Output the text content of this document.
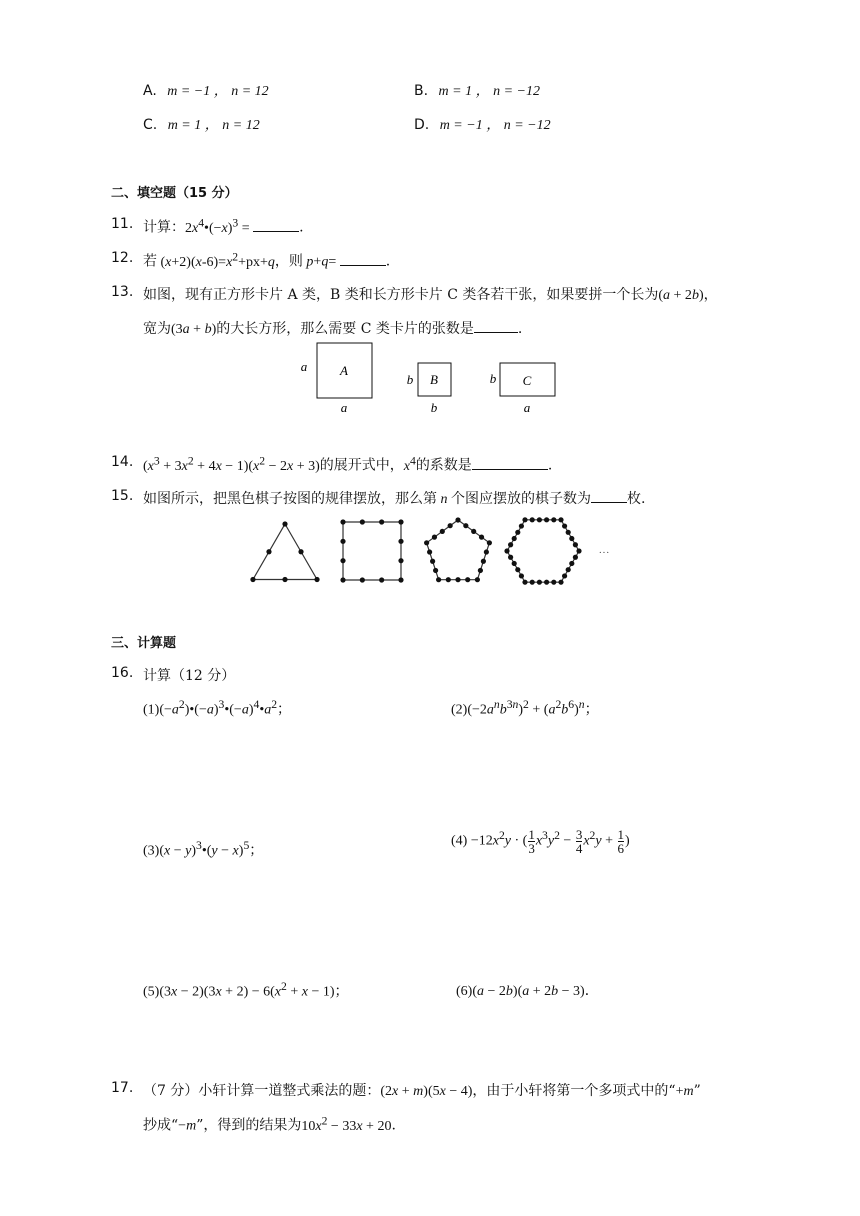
A. m = −1 ， n = 12	B. m = 1 ， n = −12
C. m = 1 ， n = 12	D. m = −1 ， n = −12
二、填空题（15 分）
11. 计算：$2x^4•(-x)^3$ =	.
12. 若 $(x+2)(x-6)=x^2+px+q$，则 p+q=	.
13. 如图，现有正方形卡片 A 类，B 类和长方形卡片 C 类各若干张，如果要拼一个长为(a + 2b)，
宽为(3a + b)的大长方形，那么需要 C 类卡片的张数是	.
A
a
a
B
b
b
C
b
a
14. $(x^3 + 3x^2 + 4x - 1)(x^2 - 2x + 3)$的展开式中，$x^4$的系数是	.
15. 如图所示，把黑色棋子按图的规律摆放，那么第 n 个图应摆放的棋子数为	枚.
···
三、计算题
16. 计算（12 分）
$(1)(-a^2)•(-a)^3•(-a)^4•a^2$；	$(2)(-2a^nb^{3n})^2 + (a^2b^6)^n$；
$(3)(x - y)^3•(y - x)^5$；
$(4) -12x^2y$ · ( $\frac{1}{3} x^3y^2 - \frac{3}{4} x^2y + \frac{1}{6}$ )
$(5)(3x - 2)(3x + 2) - 6(x^2 + x - 1)$；	(6)(a − 2b)(a + 2b − 3)．
17. （7 分）小轩计算一道整式乘法的题：(2x + m)(5x − 4)，由于小轩将第一个多项式中的“+m”
抄成“−m”，得到的结果为$10x^2 - 33x + 20$.
